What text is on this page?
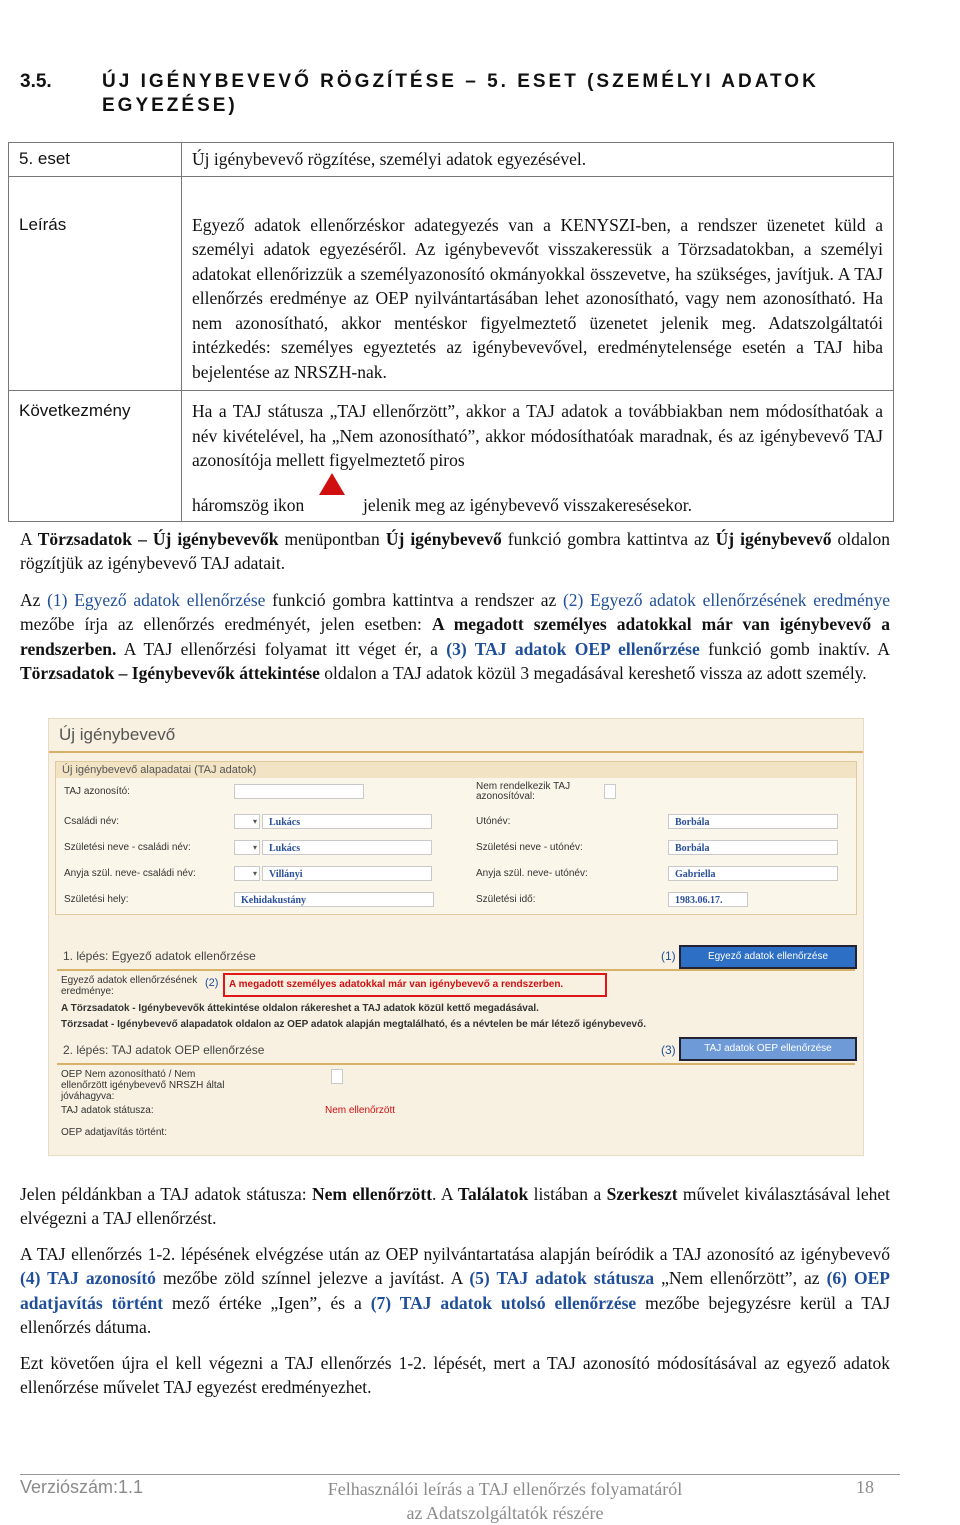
3.5.	ÚJ IGÉNYBEVEVŐ RÖGZÍTÉSE – 5. ESET (SZEMÉLYI ADATOK EGYEZÉSE)
5. eset	Új igénybevevő rögzítése, személyi adatok egyezésével.
Leírás	Egyező adatok ellenőrzéskor adategyezés van a KENYSZI-ben, a rendszer üzenetet küld a személyi adatok egyezéséről. Az igénybevevőt visszakeressük a Törzsadatokban, a személyi adatokat ellenőrizzük a személyazonosító okmányokkal összevetve, ha szükséges, javítjuk. A TAJ ellenőrzés eredménye az OEP nyilvántartásában lehet azonosítható, vagy nem azonosítható. Ha nem azonosítható, akkor mentéskor figyelmeztető üzenetet jelenik meg. Adatszolgáltatói intézkedés: személyes egyeztetés az igénybevevővel, eredménytelensége esetén a TAJ hiba bejelentése az NRSZH-nak.
Következmény	Ha a TAJ státusza „TAJ ellenőrzött”, akkor a TAJ adatok a továbbiakban nem módosíthatóak a név kivételével, ha „Nem azonosítható”, akkor módosíthatóak maradnak, és az igénybevevő TAJ azonosítója mellett figyelmeztető piros
háromszög ikon jelenik meg az igénybevevő visszakeresésekor.
A Törzsadatok – Új igénybevevők menüpontban Új igénybevevő funkció gombra kattintva az Új igénybevevő oldalon rögzítjük az igénybevevő TAJ adatait.
Az (1) Egyező adatok ellenőrzése funkció gombra kattintva a rendszer az (2) Egyező adatok ellenőrzésének eredménye mezőbe írja az ellenőrzés eredményét, jelen esetben: A megadott személyes adatokkal már van igénybevevő a rendszerben. A TAJ ellenőrzési folyamat itt véget ér, a (3) TAJ adatok OEP ellenőrzése funkció gomb inaktív. A Törzsadatok – Igénybevevők áttekintése oldalon a TAJ adatok közül 3 megadásával kereshető vissza az adott személy.
Új igénybevevő
Új igénybevevő alapadatai (TAJ adatok)
TAJ azonosító:	Nem rendelkezik TAJ azonosítóval:
Családi név:	▾	Lukács	Utónév:	Borbála
Születési neve - családi név:	▾	Lukács	Születési neve - utónév:	Borbála
Anyja szül. neve- családi név:	▾	Villányi	Anyja szül. neve- utónév:	Gabriella
Születési hely:	Kehidakustány	Születési idő:	1983.06.17.
1. lépés: Egyező adatok ellenőrzése	(1)	Egyező adatok ellenőrzése
Egyező adatok ellenőrzésének eredménye:
(2) A megadott személyes adatokkal már van igénybevevő a rendszerben.
A Törzsadatok - Igénybevevők áttekintése oldalon rákereshet a TAJ adatok közül kettő megadásával.
Törzsadat - Igénybevevő alapadatok oldalon az OEP adatok alapján megtalálható, és a névtelen be már létező igénybevevő.
2. lépés: TAJ adatok OEP ellenőrzése	(3)	TAJ adatok OEP ellenőrzése
OEP Nem azonosítható / Nem ellenőrzött igénybevevő NRSZH által jóváhagyva:
TAJ adatok státusza:	Nem ellenőrzött
OEP adatjavítás történt:
Jelen példánkban a TAJ adatok státusza: Nem ellenőrzött. A Találatok listában a Szerkeszt művelet kiválasztásával lehet elvégezni a TAJ ellenőrzést.
A TAJ ellenőrzés 1-2. lépésének elvégzése után az OEP nyilvántartatása alapján beíródik a TAJ azonosító az igénybevevő (4) TAJ azonosító mezőbe zöld színnel jelezve a javítást. A (5) TAJ adatok státusza „Nem ellenőrzött”, az (6) OEP adatjavítás történt mező értéke „Igen”, és a (7) TAJ adatok utolsó ellenőrzése mezőbe bejegyzésre kerül a TAJ ellenőrzés dátuma.
Ezt követően újra el kell végezni a TAJ ellenőrzés 1-2. lépését, mert a TAJ azonosító módosításával az egyező adatok ellenőrzése művelet TAJ egyezést eredményezhet.
Verziószám:1.1	Felhasználói leírás a TAJ ellenőrzés folyamatáról
az Adatszolgáltatók részére
18
